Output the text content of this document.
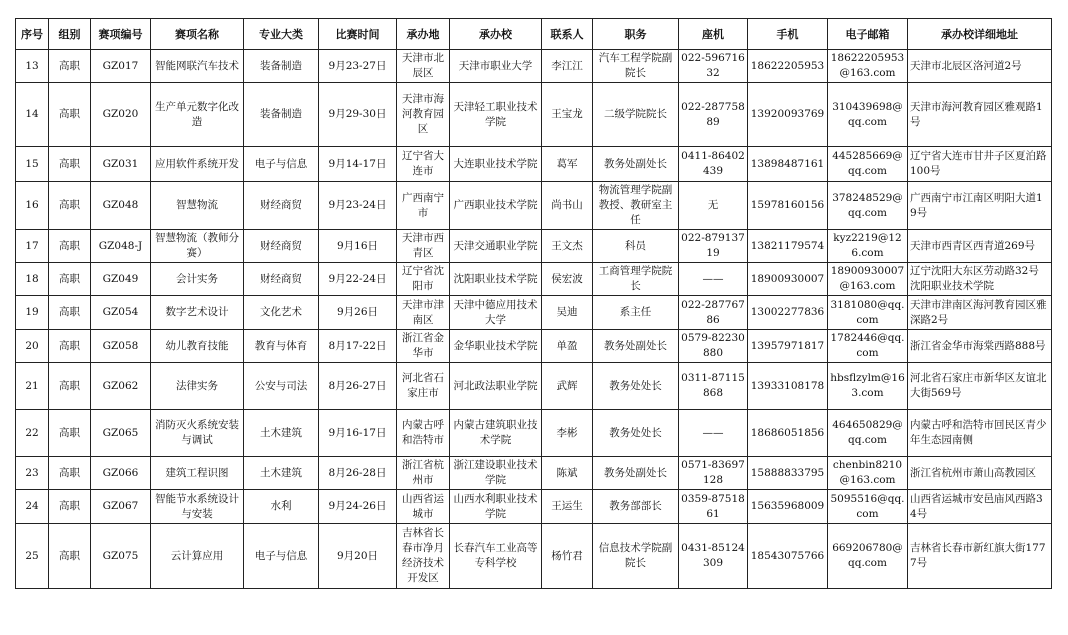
序号	组别	赛项编号	赛项名称	专业大类	比赛时间	承办地	承办校	联系人	职务	座机	手机	电子邮箱	承办校详细地址
13	高职	GZ017	智能网联汽车技术	装备制造	9月23-27日	天津市北辰区	天津市职业大学	李江江	汽车工程学院副院长	022-59671632	18622205953	18622205953@163.com	天津市北辰区洛河道2号
14	高职	GZ020	生产单元数字化改造	装备制造	9月29-30日	天津市海河教育园区	天津轻工职业技术学院	王宝龙	二级学院院长	022-28775889	13920093769	310439698@qq.com	天津市海河教育园区雅观路1号
15	高职	GZ031	应用软件系统开发	电子与信息	9月14-17日	辽宁省大连市	大连职业技术学院	葛军	教务处副处长	0411-86402439	13898487161	445285669@qq.com	辽宁省大连市甘井子区夏泊路100号
16	高职	GZ048	智慧物流	财经商贸	9月23-24日	广西南宁市	广西职业技术学院	尚书山	物流管理学院副教授、教研室主任	无	15978160156	378248529@qq.com	广西南宁市江南区明阳大道19号
17	高职	GZ048-J	智慧物流（教师分赛）	财经商贸	9月16日	天津市西青区	天津交通职业学院	王文杰	科员	022-87913719	13821179574	kyz2219@126.com	天津市西青区西青道269号
18	高职	GZ049	会计实务	财经商贸	9月22-24日	辽宁省沈阳市	沈阳职业技术学院	侯宏波	工商管理学院院长	——	18900930007	18900930007@163.com	辽宁沈阳大东区劳动路32号沈阳职业技术学院
19	高职	GZ054	数字艺术设计	文化艺术	9月26日	天津市津南区	天津中德应用技术大学	吴迪	系主任	022-28776786	13002277836	3181080@qq.com	天津市津南区海河教育园区雅深路2号
20	高职	GZ058	幼儿教育技能	教育与体育	8月17-22日	浙江省金华市	金华职业技术学院	单盈	教务处副处长	0579-82230880	13957971817	1782446@qq.com	浙江省金华市海棠西路888号
21	高职	GZ062	法律实务	公安与司法	8月26-27日	河北省石家庄市	河北政法职业学院	武辉	教务处处长	0311-87115868	13933108178	hbsflzylm@163.com	河北省石家庄市新华区友谊北大街569号
22	高职	GZ065	消防灭火系统安装与调试	土木建筑	9月16-17日	内蒙古呼和浩特市	内蒙古建筑职业技术学院	李彬	教务处处长	——	18686051856	464650829@qq.com	内蒙古呼和浩特市回民区青少年生态园南侧
23	高职	GZ066	建筑工程识图	土木建筑	8月26-28日	浙江省杭州市	浙江建设职业技术学院	陈斌	教务处副处长	0571-83697128	15888833795	chenbin8210@163.com	浙江省杭州市萧山高教园区
24	高职	GZ067	智能节水系统设计与安装	水利	9月24-26日	山西省运城市	山西水利职业技术学院	王运生	教务部部长	0359-8751861	15635968009	5095516@qq.com	山西省运城市安邑庙风西路34号
25	高职	GZ075	云计算应用	电子与信息	9月20日	吉林省长春市净月经济技术开发区	长春汽车工业高等专科学校	杨竹君	信息技术学院副院长	0431-85124309	18543075766	669206780@qq.com	吉林省长春市新红旗大街1777号
